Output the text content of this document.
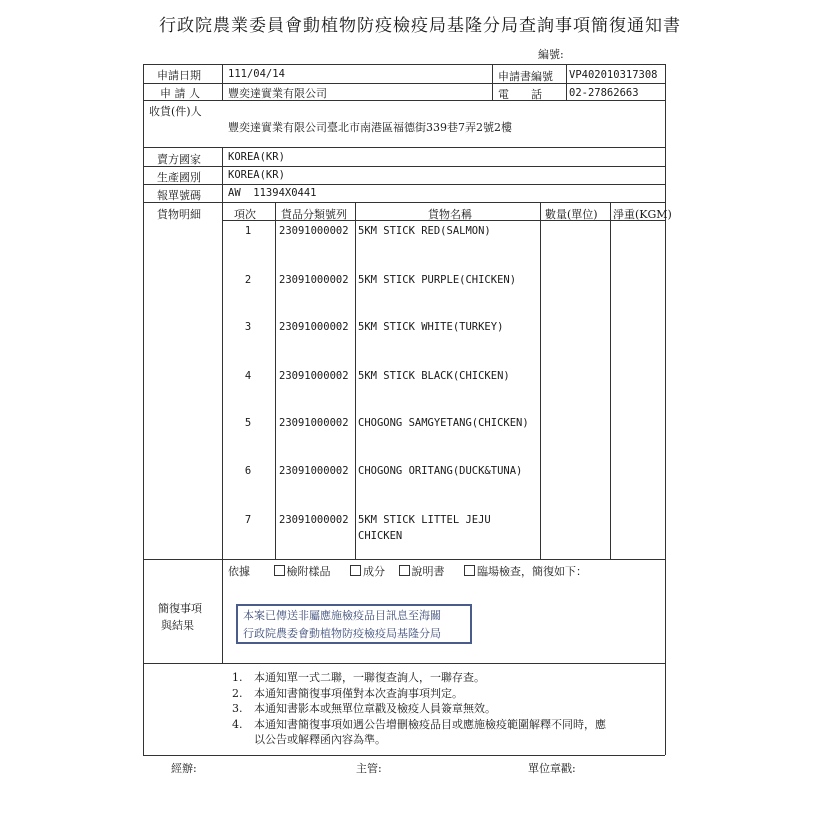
行政院農業委員會動植物防疫檢疫局基隆分局查詢事項簡復通知書
編號:
申請日期	111/04/14	申請書編號 VP402010317308
申 請 人	豐奕達實業有限公司	電　　話	02-27862663
收貨(件)人
豐奕達實業有限公司臺北市南港區福德街339巷7弄2號2樓
賣方國家	KOREA(KR)
生產國別	KOREA(KR)
報單號碼	AW  11394X0441
貨物明細	項次 貨品分類號列	貨物名稱	數量(單位) 淨重(KGM)
1	23091000002 5KM STICK RED(SALMON)
2	23091000002 5KM STICK PURPLE(CHICKEN)
3	23091000002 5KM STICK WHITE(TURKEY)
4	23091000002 5KM STICK BLACK(CHICKEN)
5	23091000002 CHOGONG SAMGYETANG(CHICKEN)
6	23091000002 CHOGONG ORITANG(DUCK&TUNA)
7	23091000002 5KM STICK LITTEL JEJU
CHICKEN
簡復事項
與結果
依據	檢附樣品	成分 說明書	臨場檢查，簡復如下：
本案已傳送非屬應施檢疫品目訊息至海關
行政院農委會動植物防疫檢疫局基隆分局
1. 本通知單一式二聯，一聯復查詢人，一聯存查。
2. 本通知書簡復事項僅對本次查詢事項判定。
3. 本通知書影本或無單位章戳及檢疫人員簽章無效。
4. 本通知書簡復事項如遇公告增刪檢疫品目或應施檢疫範圍解釋不同時，應
以公告或解釋函內容為準。
經辦:	主管:	單位章戳:
